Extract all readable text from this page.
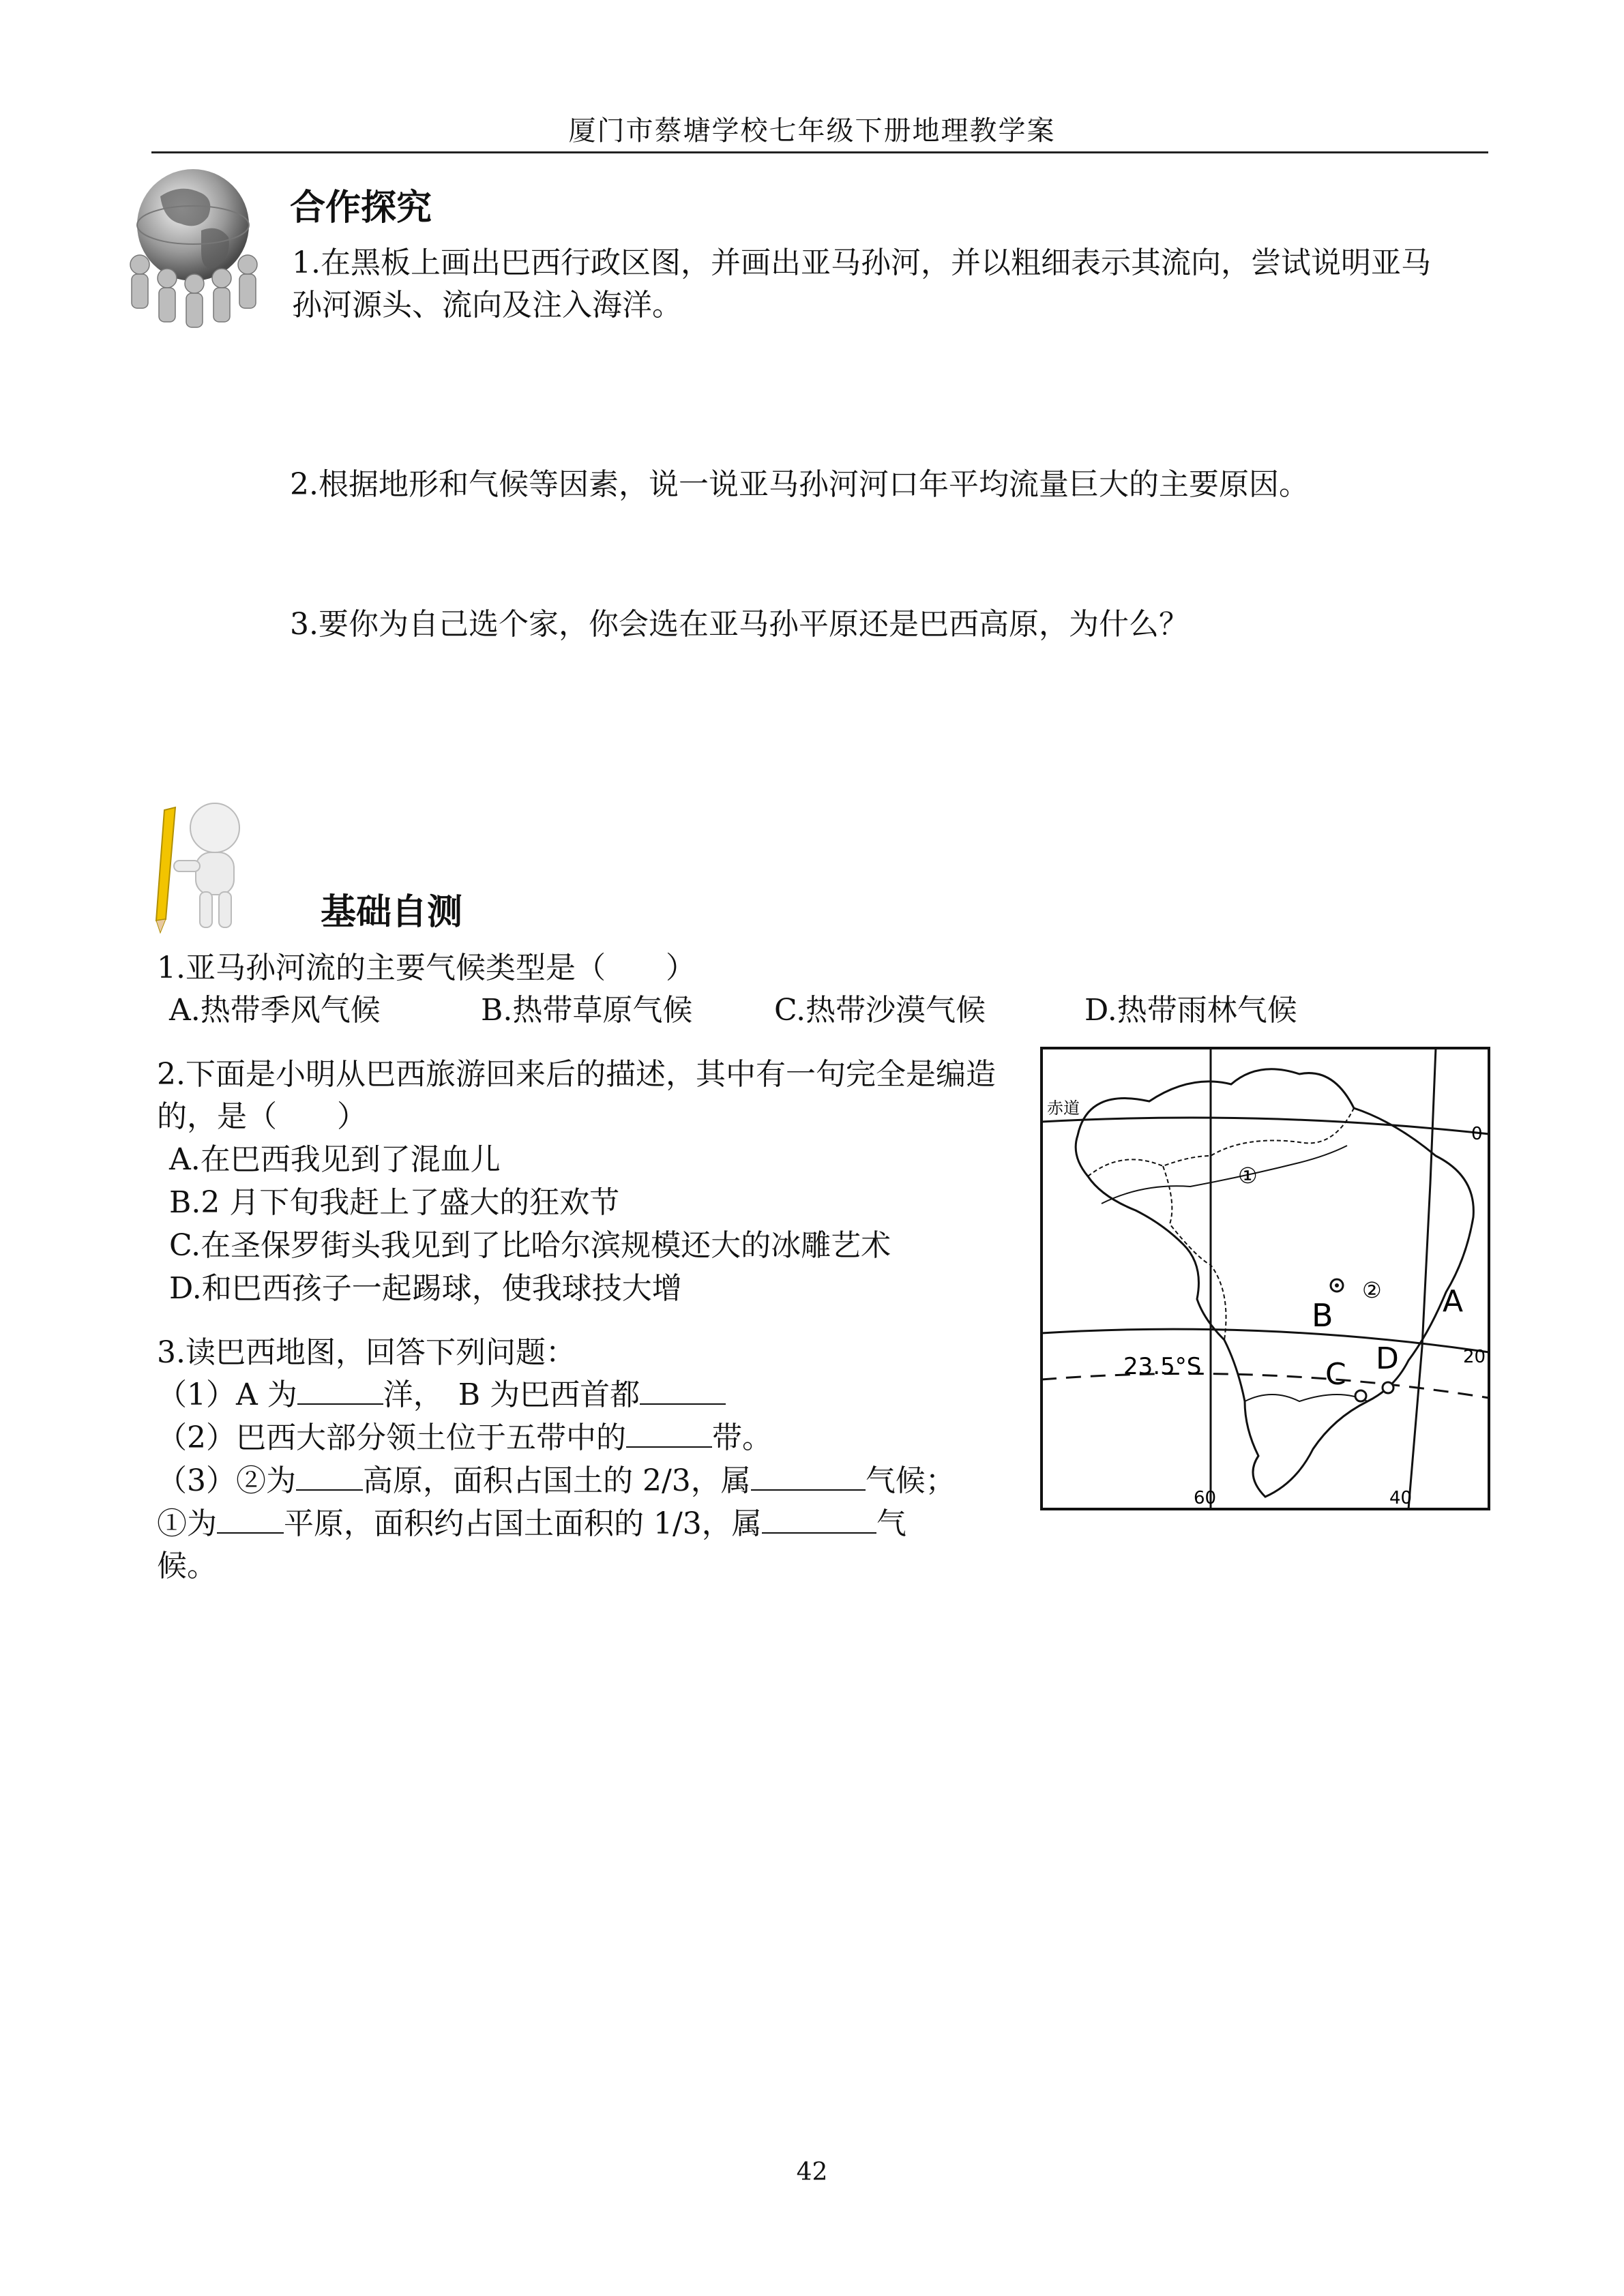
厦门市蔡塘学校七年级下册地理教学案
合作探究
1.在黑板上画出巴西行政区图，并画出亚马孙河，并以粗细表示其流向，尝试说明亚马孙河源头、流向及注入海洋。
2.根据地形和气候等因素，说一说亚马孙河河口年平均流量巨大的主要原因。
3.要你为自己选个家，你会选在亚马孙平原还是巴西高原，为什么？
基础自测
1.亚马孙河流的主要气候类型是（　　）
A.热带季风气候	B.热带草原气候	C.热带沙漠气候	D.热带雨林气候
2.下面是小明从巴西旅游回来后的描述，其中有一句完全是编造的，是（　　）
A.在巴西我见到了混血儿
B.2 月下旬我赶上了盛大的狂欢节
C.在圣保罗街头我见到了比哈尔滨规模还大的冰雕艺术
D.和巴西孩子一起踢球，使我球技大增
3.读巴西地图，回答下列问题：
（1）A 为	洋，　B 为巴西首都
（2）巴西大部分领土位于五带中的	带。
（3）②为 高原，面积占国土的 2/3，属	气候；
①为 平原，面积约占国土面积的 1/3，属	气
候。
赤道
0
20
23.5°S
60	40
A
B
C D
①
②
42
